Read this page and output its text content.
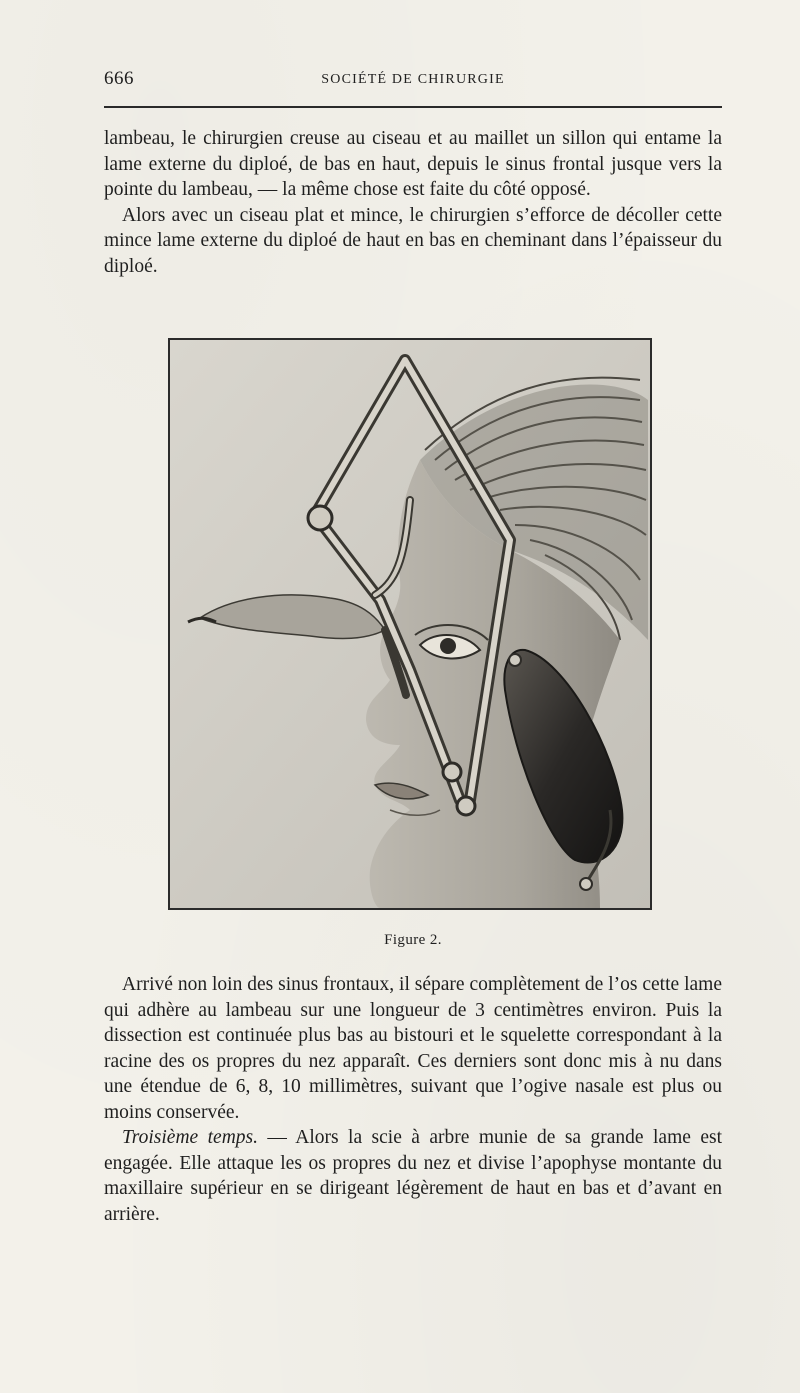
666	SOCIÉTÉ DE CHIRURGIE

lambeau, le chirurgien creuse au ciseau et au maillet un sillon qui entame la lame externe du diploé, de bas en haut, depuis le sinus frontal jusque vers la pointe du lambeau, — la même chose est faite du côté opposé.

Alors avec un ciseau plat et mince, le chirurgien s’efforce de décoller cette mince lame externe du diploé de haut en bas en cheminant dans l’épaisseur du diploé.

Figure 2.

Arrivé non loin des sinus frontaux, il sépare complètement de l’os cette lame qui adhère au lambeau sur une longueur de 3 centimètres environ. Puis la dissection est continuée plus bas au bistouri et le squelette correspondant à la racine des os propres du nez apparaît. Ces derniers sont donc mis à nu dans une étendue de 6, 8, 10 millimètres, suivant que l’ogive nasale est plus ou moins conservée.

Troisième temps. — Alors la scie à arbre munie de sa grande lame est engagée. Elle attaque les os propres du nez et divise l’apophyse montante du maxillaire supérieur en se dirigeant légèrement de haut en bas et d’avant en arrière.
